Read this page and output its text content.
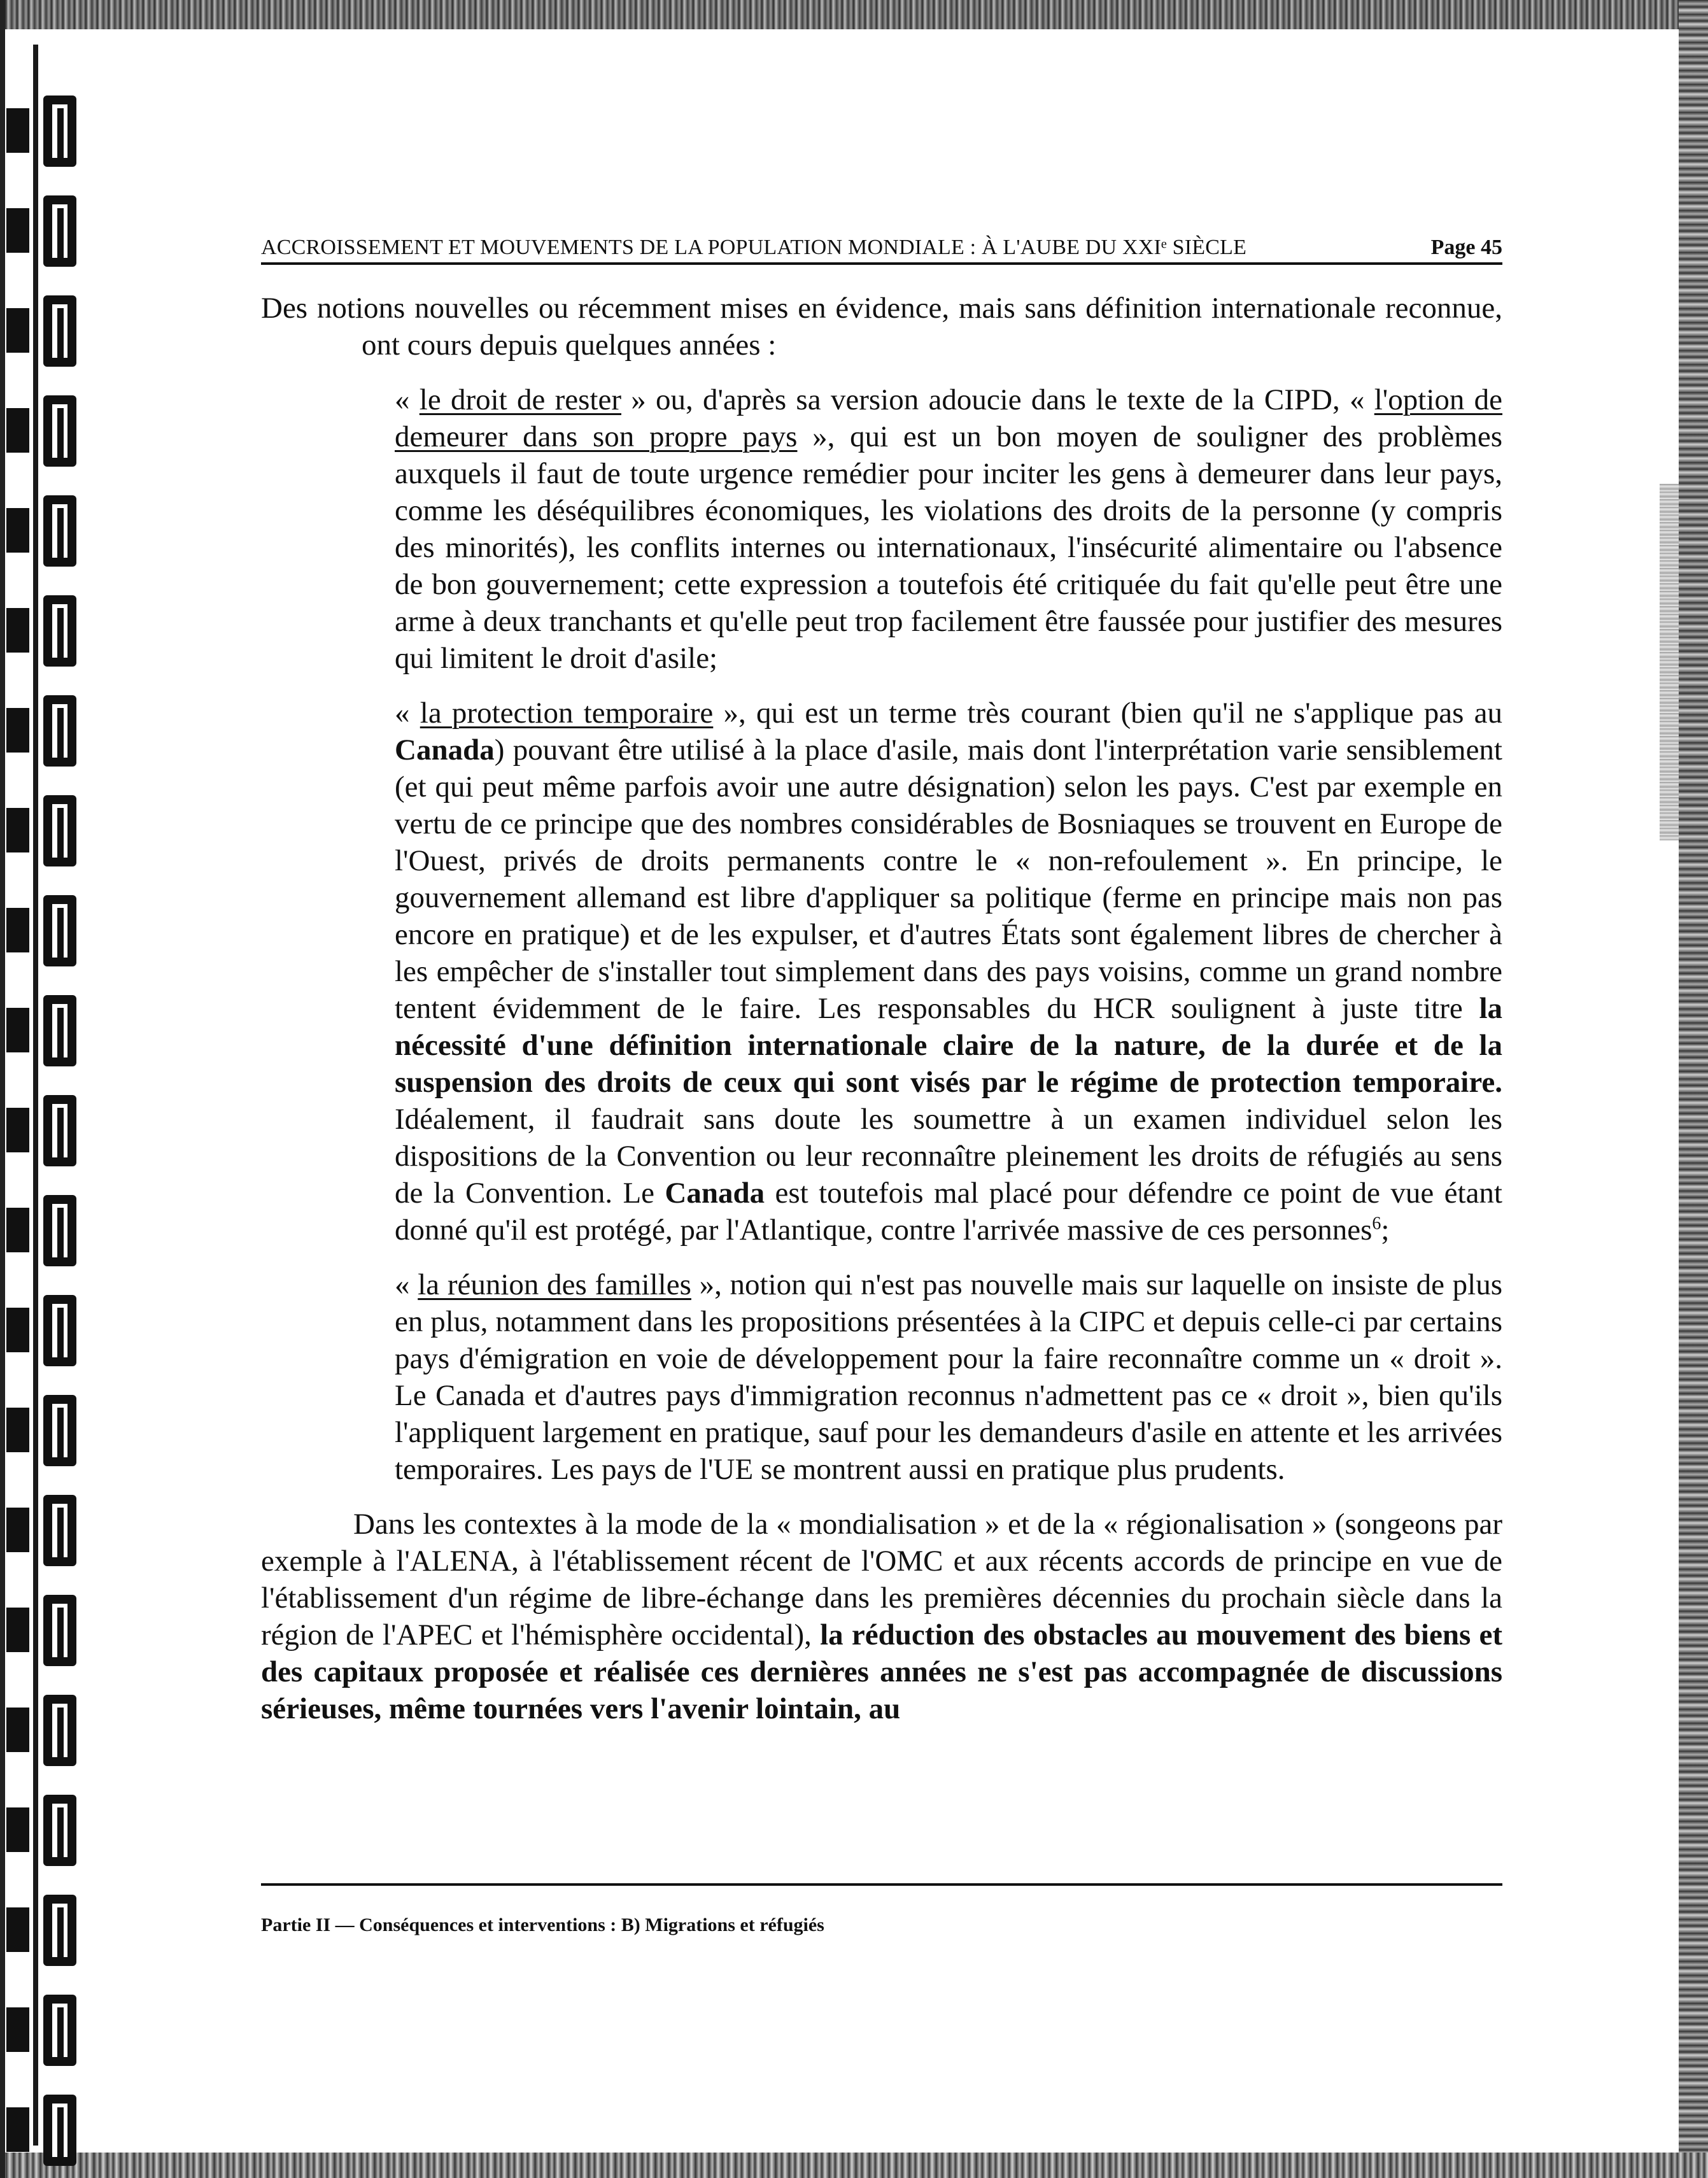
ACCROISSEMENT ET MOUVEMENTS DE LA POPULATION MONDIALE : À L'AUBE DU XXIᵉ SIÈCLE	Page 45

Des notions nouvelles ou récemment mises en évidence, mais sans définition internationale reconnue, ont cours depuis quelques années :

« le droit de rester » ou, d'après sa version adoucie dans le texte de la CIPD, « l'option de demeurer dans son propre pays », qui est un bon moyen de souligner des problèmes auxquels il faut de toute urgence remédier pour inciter les gens à demeurer dans leur pays, comme les déséquilibres économiques, les violations des droits de la personne (y compris des minorités), les conflits internes ou internationaux, l'insécurité alimentaire ou l'absence de bon gouvernement; cette expression a toutefois été critiquée du fait qu'elle peut être une arme à deux tranchants et qu'elle peut trop facilement être faussée pour justifier des mesures qui limitent le droit d'asile;

« la protection temporaire », qui est un terme très courant (bien qu'il ne s'applique pas au Canada) pouvant être utilisé à la place d'asile, mais dont l'interprétation varie sensiblement (et qui peut même parfois avoir une autre désignation) selon les pays. C'est par exemple en vertu de ce principe que des nombres considérables de Bosniaques se trouvent en Europe de l'Ouest, privés de droits permanents contre le « non-refoulement ». En principe, le gouvernement allemand est libre d'appliquer sa politique (ferme en principe mais non pas encore en pratique) et de les expulser, et d'autres États sont également libres de chercher à les empêcher de s'installer tout simplement dans des pays voisins, comme un grand nombre tentent évidemment de le faire. Les responsables du HCR soulignent à juste titre la nécessité d'une définition internationale claire de la nature, de la durée et de la suspension des droits de ceux qui sont visés par le régime de protection temporaire. Idéalement, il faudrait sans doute les soumettre à un examen individuel selon les dispositions de la Convention ou leur reconnaître pleinement les droits de réfugiés au sens de la Convention. Le Canada est toutefois mal placé pour défendre ce point de vue étant donné qu'il est protégé, par l'Atlantique, contre l'arrivée massive de ces personnes$^6$;

« la réunion des familles », notion qui n'est pas nouvelle mais sur laquelle on insiste de plus en plus, notamment dans les propositions présentées à la CIPC et depuis celle-ci par certains pays d'émigration en voie de développement pour la faire reconnaître comme un « droit ». Le Canada et d'autres pays d'immigration reconnus n'admettent pas ce « droit », bien qu'ils l'appliquent largement en pratique, sauf pour les demandeurs d'asile en attente et les arrivées temporaires. Les pays de l'UE se montrent aussi en pratique plus prudents.

Dans les contextes à la mode de la « mondialisation » et de la « régionalisation » (songeons par exemple à l'ALENA, à l'établissement récent de l'OMC et aux récents accords de principe en vue de l'établissement d'un régime de libre-échange dans les premières décennies du prochain siècle dans la région de l'APEC et l'hémisphère occidental), la réduction des obstacles au mouvement des biens et des capitaux proposée et réalisée ces dernières années ne s'est pas accompagnée de discussions sérieuses, même tournées vers l'avenir lointain, au

Partie II — Conséquences et interventions : B) Migrations et réfugiés
